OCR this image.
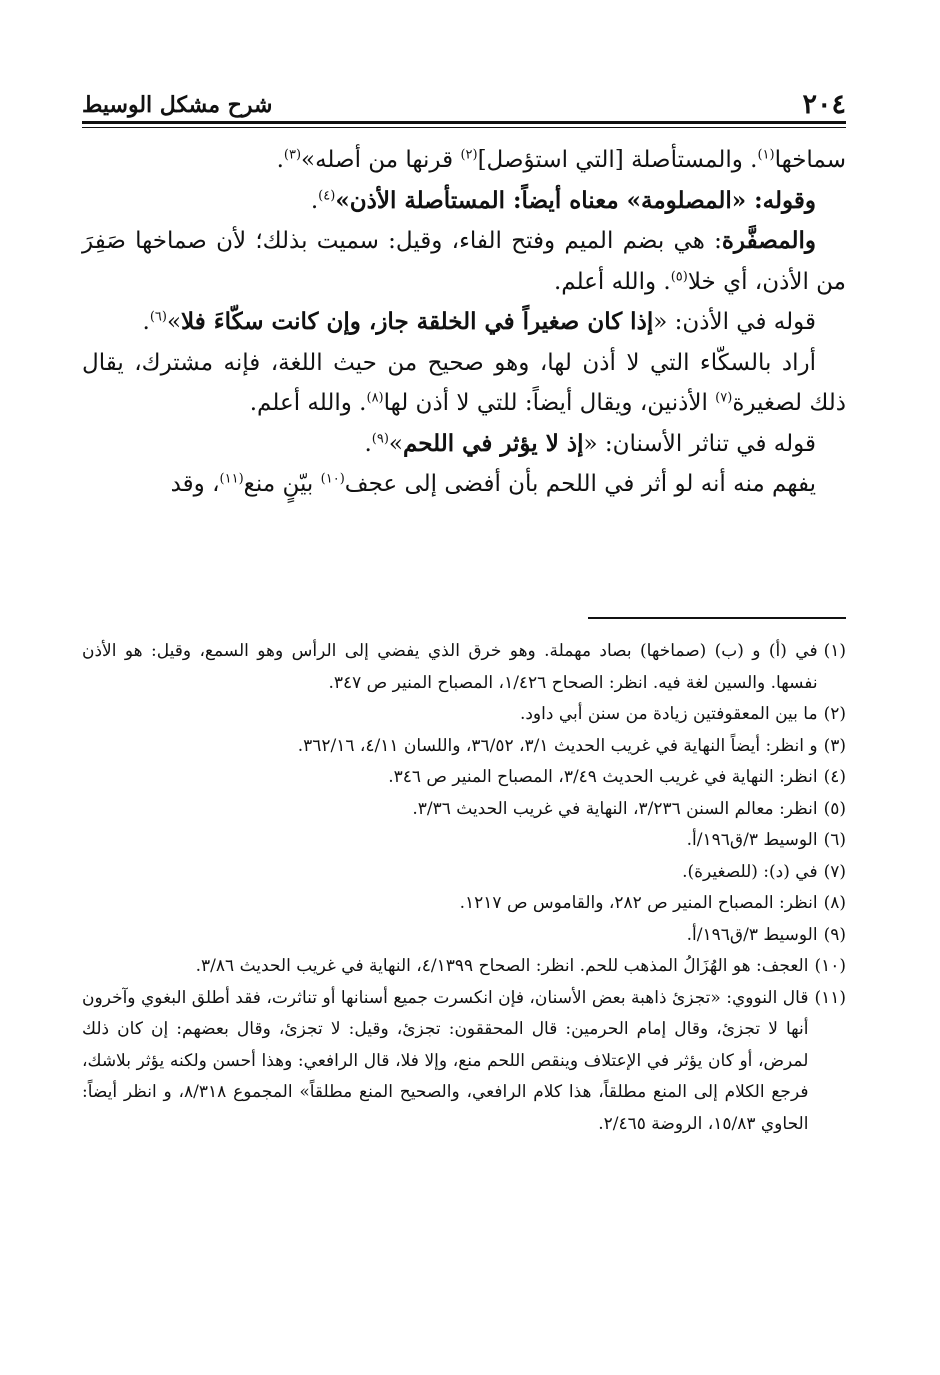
٢٠٤
شرح مشكل الوسيط

سماخها$^{(١)}$. والمستأصلة [التي استؤصل]$^{(٢)}$ قرنها من أصله»$^{(٣)}$.

وقوله: «المصلومة» معناه أيضاً: المستأصلة الأذن»$^{(٤)}$.

والمصفَّرة: هي بضم الميم وفتح الفاء، وقيل: سميت بذلك؛ لأن صماخها صَفِرَ من الأذن، أي خلا$^{(٥)}$. والله أعلم.

قوله في الأذن: «إذا كان صغيراً في الخلقة جاز، وإن كانت سكّاءَ فلا»$^{(٦)}$.

أراد بالسكّاء التي لا أذن لها، وهو صحيح من حيث اللغة، فإنه مشترك، يقال ذلك لصغيرة$^{(٧)}$ الأذنين، ويقال أيضاً: للتي لا أذن لها$^{(٨)}$. والله أعلم.

قوله في تناثر الأسنان: «إذ لا يؤثر في اللحم»$^{(٩)}$.

يفهم منه أنه لو أثر في اللحم بأن أفضى إلى عجف$^{(١٠)}$ بيّنٍ منع$^{(١١)}$، وقد

(١)
في (أ) و (ب) (صماخها) بصاد مهملة. وهو خرق الذي يفضي إلى الرأس وهو السمع، وقيل: هو الأذن نفسها. والسين لغة فيه. انظر: الصحاح ١/٤٢٦، المصباح المنير ص ٣٤٧.
(٢)
ما بين المعقوفتين زيادة من سنن أبي داود.
(٣)
و انظر: أيضاً النهاية في غريب الحديث ٣/١، ٣٦/٥٢، واللسان ٤/١١، ٣٦٢/١٦.
(٤)
انظر: النهاية في غريب الحديث ٣/٤٩، المصباح المنير ص ٣٤٦.
(٥)
انظر: معالم السنن ٣/٢٣٦، النهاية في غريب الحديث ٣/٣٦.
(٦)
الوسيط ٣/ق١٩٦/أ.
(٧)
في (د): (للصغيرة).
(٨)
انظر: المصباح المنير ص ٢٨٢، والقاموس ص ١٢١٧.
(٩)
الوسيط ٣/ق١٩٦/أ.
(١٠)
العجف: هو الهُزَالُ المذهب للحم. انظر: الصحاح ٤/١٣٩٩، النهاية في غريب الحديث ٣/٨٦.
(١١)
قال النووي: «تجزئ ذاهبة بعض الأسنان، فإن انكسرت جميع أسنانها أو تناثرت، فقد أطلق البغوي وآخرون أنها لا تجزئ، وقال إمام الحرمين: قال المحققون: تجزئ، وقيل: لا تجزئ، وقال بعضهم: إن كان ذلك لمرض، أو كان يؤثر في الإعتلاف وينقص اللحم منع، وإلا فلا، قال الرافعي: وهذا أحسن ولكنه يؤثر بلاشك، فرجع الكلام إلى المنع مطلقاً، هذا كلام الرافعي، والصحيح المنع مطلقاً» المجموع ٨/٣١٨، و انظر أيضاً: الحاوي ١٥/٨٣، الروضة ٢/٤٦٥.
